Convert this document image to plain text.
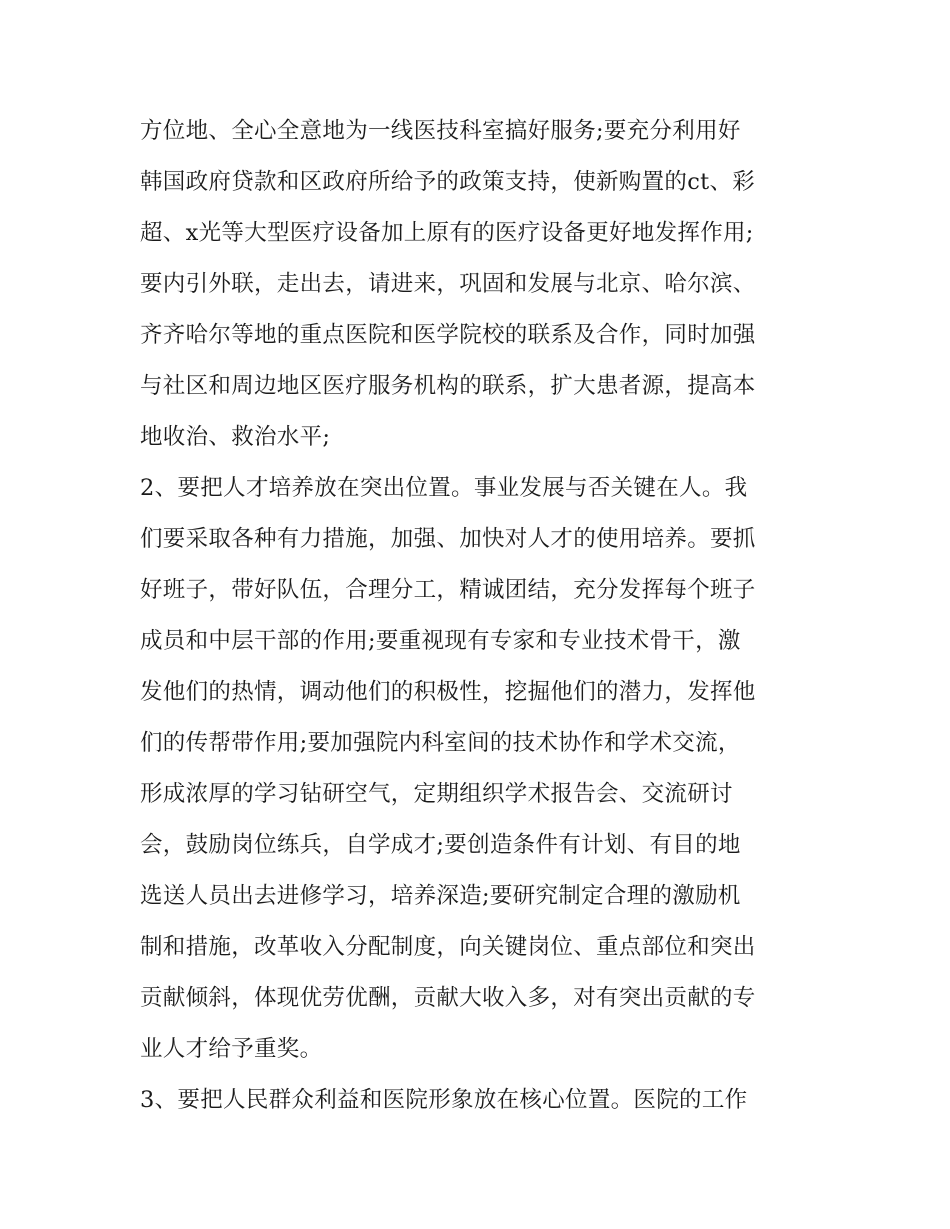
方位地、全心全意地为一线医技科室搞好服务;要充分利用好
韩国政府贷款和区政府所给予的政策支持，使新购置的ct、彩
超、x光等大型医疗设备加上原有的医疗设备更好地发挥作用;
要内引外联，走出去，请进来，巩固和发展与北京、哈尔滨、
齐齐哈尔等地的重点医院和医学院校的联系及合作，同时加强
与社区和周边地区医疗服务机构的联系，扩大患者源，提高本
地收治、救治水平;
2、要把人才培养放在突出位置。事业发展与否关键在人。我
们要采取各种有力措施，加强、加快对人才的使用培养。要抓
好班子，带好队伍，合理分工，精诚团结，充分发挥每个班子
成员和中层干部的作用;要重视现有专家和专业技术骨干，激
发他们的热情，调动他们的积极性，挖掘他们的潜力，发挥他
们的传帮带作用;要加强院内科室间的技术协作和学术交流，
形成浓厚的学习钻研空气，定期组织学术报告会、交流研讨
会，鼓励岗位练兵，自学成才;要创造条件有计划、有目的地
选送人员出去进修学习，培养深造;要研究制定合理的激励机
制和措施，改革收入分配制度，向关键岗位、重点部位和突出
贡献倾斜，体现优劳优酬，贡献大收入多，对有突出贡献的专
业人才给予重奖。
3、要把人民群众利益和医院形象放在核心位置。医院的工作
